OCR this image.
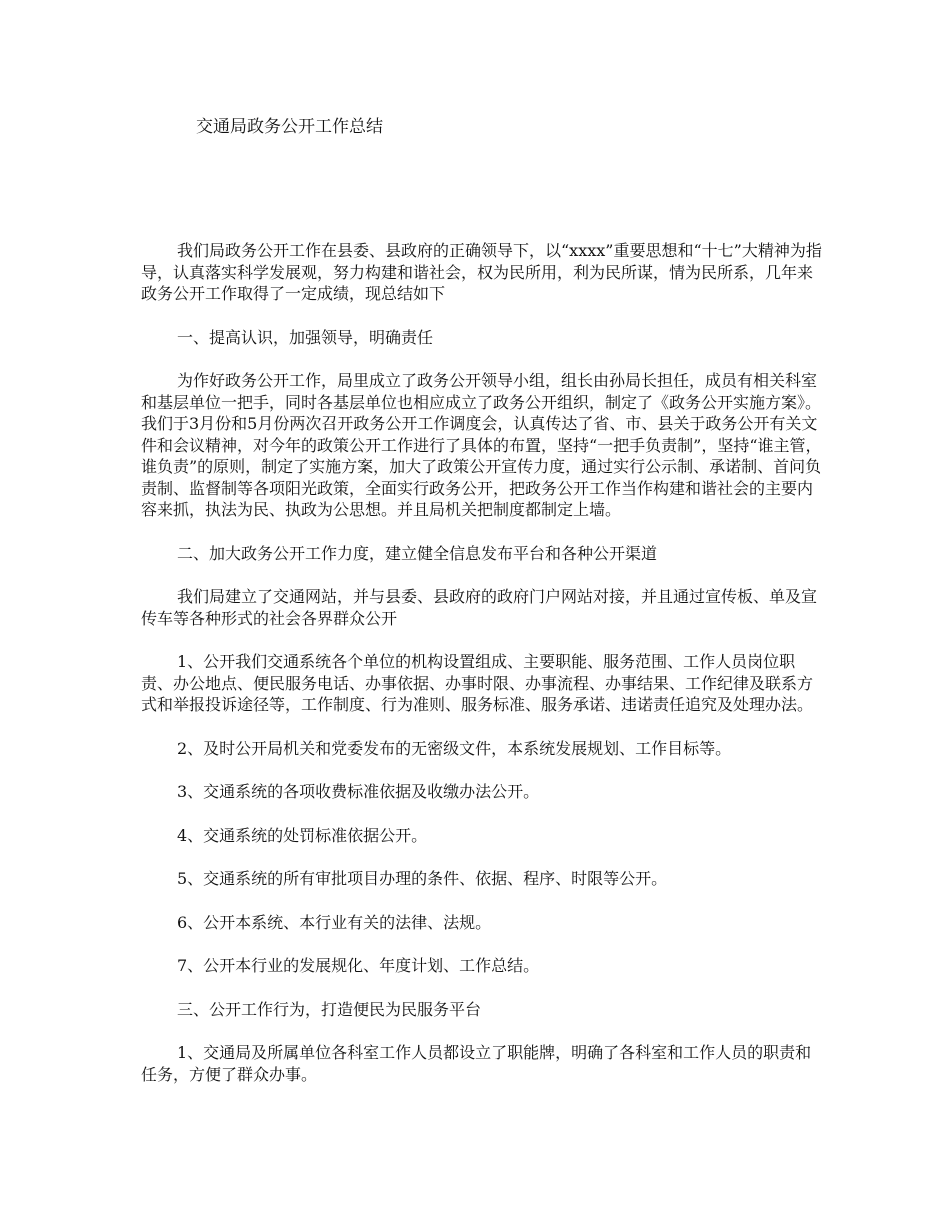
交通局政务公开工作总结

我们局政务公开工作在县委、县政府的正确领导下，以“xxxx”重要思想和“十七”大精神为指导，认真落实科学发展观，努力构建和谐社会，权为民所用，利为民所谋，情为民所系，几年来政务公开工作取得了一定成绩，现总结如下

一、提高认识，加强领导，明确责任

为作好政务公开工作，局里成立了政务公开领导小组，组长由孙局长担任，成员有相关科室和基层单位一把手，同时各基层单位也相应成立了政务公开组织，制定了《政务公开实施方案》。我们于3月份和5月份两次召开政务公开工作调度会，认真传达了省、市、县关于政务公开有关文件和会议精神，对今年的政策公开工作进行了具体的布置，坚持“一把手负责制”，坚持“谁主管，谁负责”的原则，制定了实施方案，加大了政策公开宣传力度，通过实行公示制、承诺制、首问负责制、监督制等各项阳光政策，全面实行政务公开，把政务公开工作当作构建和谐社会的主要内容来抓，执法为民、执政为公思想。并且局机关把制度都制定上墙。

二、加大政务公开工作力度，建立健全信息发布平台和各种公开渠道

我们局建立了交通网站，并与县委、县政府的政府门户网站对接，并且通过宣传板、单及宣传车等各种形式的社会各界群众公开

1、公开我们交通系统各个单位的机构设置组成、主要职能、服务范围、工作人员岗位职责、办公地点、便民服务电话、办事依据、办事时限、办事流程、办事结果、工作纪律及联系方式和举报投诉途径等，工作制度、行为准则、服务标准、服务承诺、违诺责任追究及处理办法。

2、及时公开局机关和党委发布的无密级文件，本系统发展规划、工作目标等。

3、交通系统的各项收费标准依据及收缴办法公开。

4、交通系统的处罚标准依据公开。

5、交通系统的所有审批项目办理的条件、依据、程序、时限等公开。

6、公开本系统、本行业有关的法律、法规。

7、公开本行业的发展规化、年度计划、工作总结。

三、公开工作行为，打造便民为民服务平台

1、交通局及所属单位各科室工作人员都设立了职能牌，明确了各科室和工作人员的职责和任务，方便了群众办事。
